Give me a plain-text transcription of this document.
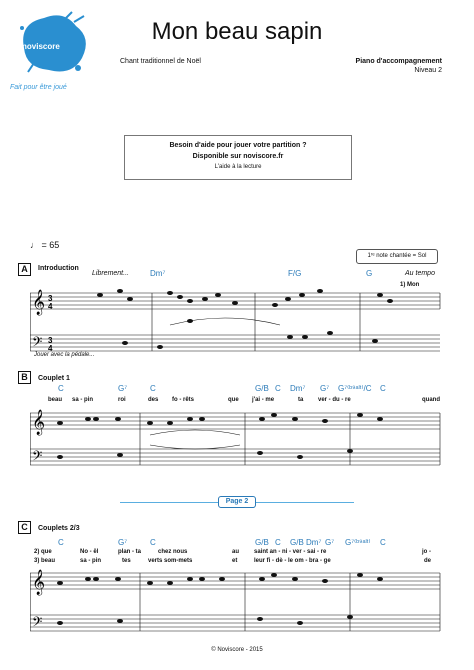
noviscore
Fait pour être joué
Mon beau sapin
Chant traditionnel de Noël	Piano d'accompagnement
Niveau 2
Besoin d'aide pour jouer votre partition ?
Disponible sur noviscore.fr
L'aide à la lecture
♩ = 65
1ʳᵉ note chantée = Sol
A	Introduction
Librement...	Au tempo
Dm⁷	F/G	G
1) Mon
Jouer avec la pédale...
𝄞
𝄢
3
4
3
4
B	Couplet 1
C	G⁷	C	G/B C Dm⁷ G⁷ G⁷⁽ᵇ⁹ᵃˡᵗ⁾/C C
beau sa - pin	roi	des fo - rêts	que j'ai - me	ta ver - du - re	quand
𝄞
𝄢
Page 2
C	Couplets 2/3
C	G⁷	C	G/B C G/B Dm⁷ G⁷ G⁷⁽ᵇ⁹ᵃˡᵗ⁾ C
2) que	No - ël	plan - ta	chez nous	au saint an - ni - ver - sai - re	jo -
3) beau	sa - pin	tes	verts som-mets	et	leur fi - dè - le om - bra - ge	de
𝄞
𝄢
© Noviscore - 2015
